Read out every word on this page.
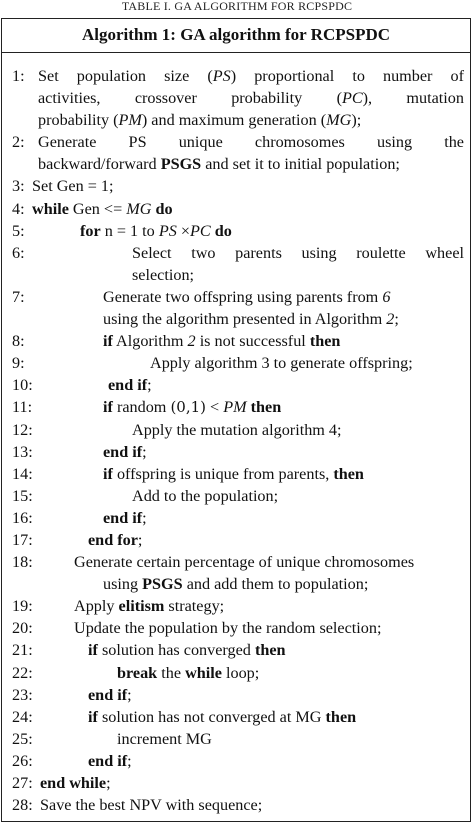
TABLE I. GA ALGORITHM FOR RCPSPDC
Algorithm 1: GA algorithm for RCPSPDC
1: Set population size (PS) proportional to number of
activities, crossover probability (PC), mutation
probability (PM) and maximum generation (MG);
2: Generate PS unique chromosomes using the
backward/forward PSGS and set it to initial population;
3: Set Gen = 1;
4: while Gen <= MG do
5:	for n = 1 to PS ×PC do
6:	Select two parents using roulette wheel
selection;
7:	Generate two offspring using parents from 6
using the algorithm presented in Algorithm 2;
8:	if Algorithm 2 is not successful then
9:	Apply algorithm 3 to generate offspring;
10:	end if;
11:	if random (0,1) < PM then
12:	Apply the mutation algorithm 4;
13:	end if;
14:	if offspring is unique from parents, then
15:	Add to the population;
16:	end if;
17:	end for;
18:	Generate certain percentage of unique chromosomes
using PSGS and add them to population;
19:	Apply elitism strategy;
20:	Update the population by the random selection;
21:	if solution has converged then
22:	break the while loop;
23:	end if;
24:	if solution has not converged at MG then
25:	increment MG
26:	end if;
27: end while;
28: Save the best NPV with sequence;
